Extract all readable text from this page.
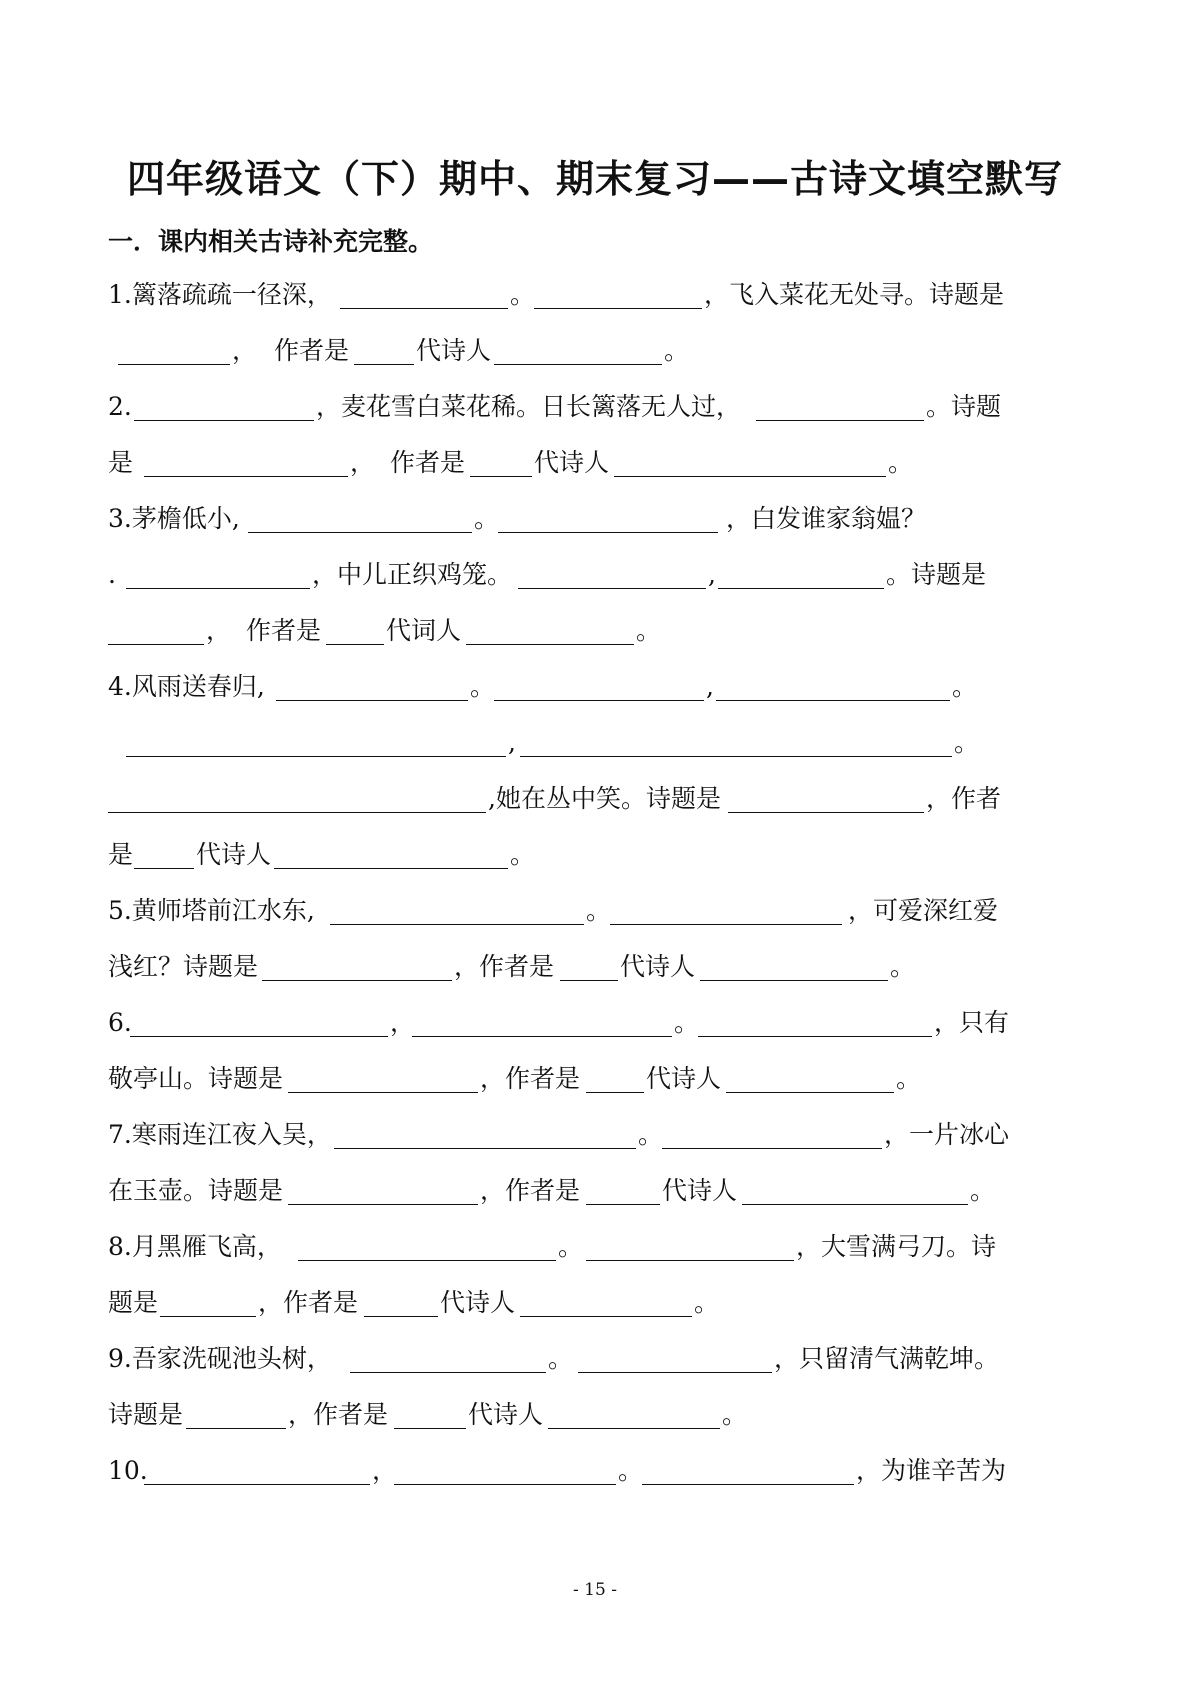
四年级语文（下）期中、期末复习——古诗文填空默写
一．课内相关古诗补充完整。
1.篱落疏疏一径深，	。	，飞入菜花无处寻。诗题是
， 作者是	代诗人	。
2.	，麦花雪白菜花稀。日长篱落无人过，	。诗题
是	， 作者是	代诗人	。
3.茅檐低小,	。	，白发谁家翁媪？
.	，中儿正织鸡笼。	,	。诗题是
， 作者是	代词人	。
4.风雨送春归,	。	,	。
,	。
,她在丛中笑。诗题是	，作者
是	代诗人	。
5.黄师塔前江水东,	。	，可爱深红爱
浅红？诗题是	，作者是	代诗人	。
6.	，	。	，只有
敬亭山。诗题是	，作者是	代诗人	。
7.寒雨连江夜入吴，	。	，一片冰心
在玉壶。诗题是	，作者是	代诗人	。
8.月黑雁飞高，	。	，大雪满弓刀。诗
题是	，作者是	代诗人	。
9.吾家洗砚池头树，	。	，只留清气满乾坤。
诗题是	，作者是	代诗人	。
10.	，	。	，为谁辛苦为
- 15 -
